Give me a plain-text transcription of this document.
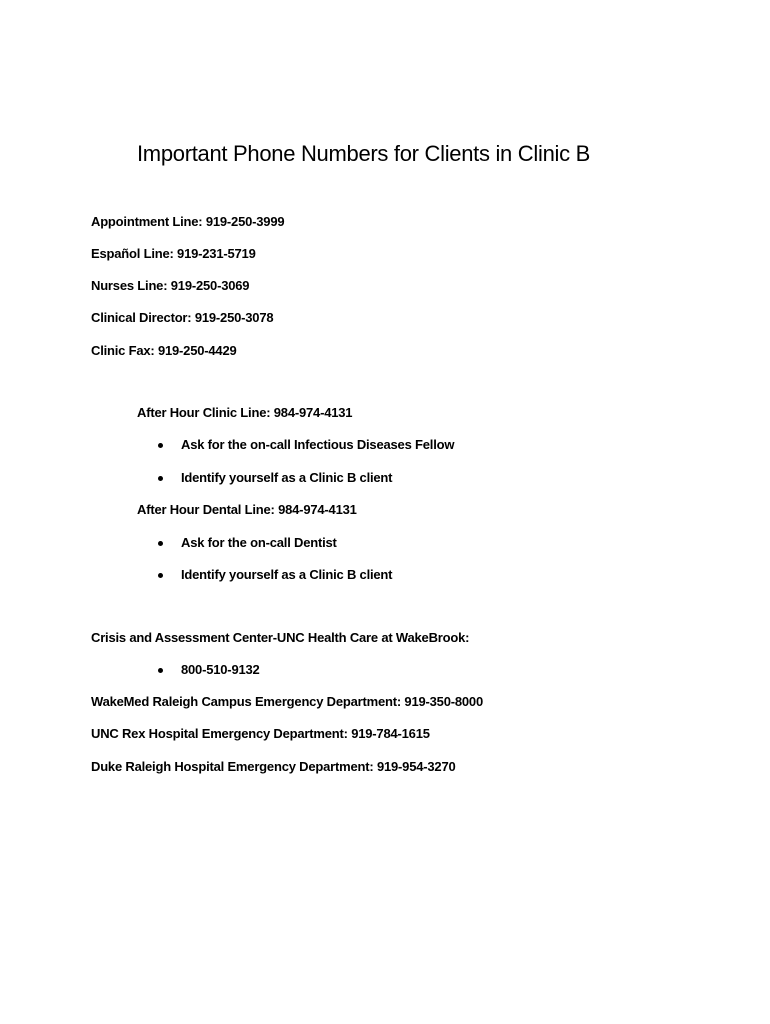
Important Phone Numbers for Clients in Clinic B
Appointment Line: 919-250-3999
Español Line: 919-231-5719
Nurses Line: 919-250-3069
Clinical Director: 919-250-3078
Clinic Fax: 919-250-4429
After Hour Clinic Line: 984-974-4131
Ask for the on-call Infectious Diseases Fellow
Identify yourself as a Clinic B client
After Hour Dental Line: 984-974-4131
Ask for the on-call Dentist
Identify yourself as a Clinic B client
Crisis and Assessment Center-UNC Health Care at WakeBrook:
800-510-9132
WakeMed Raleigh Campus Emergency Department: 919-350-8000
UNC Rex Hospital Emergency Department: 919-784-1615
Duke Raleigh Hospital Emergency Department: 919-954-3270
